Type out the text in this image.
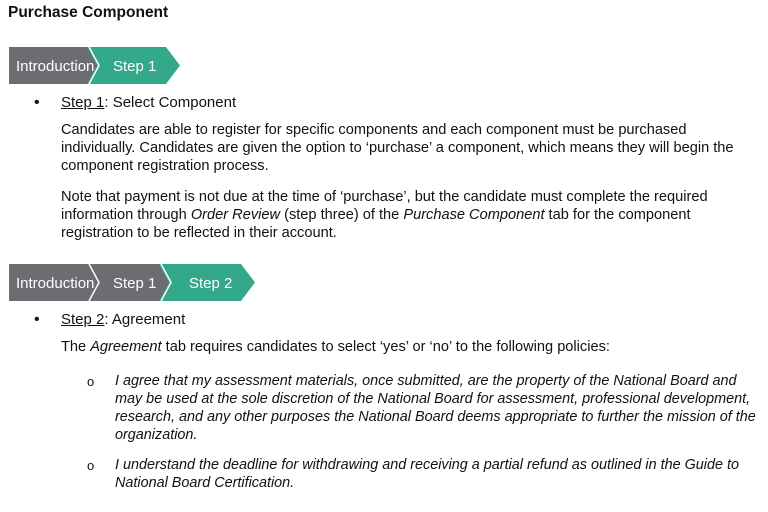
Purchase Component
Introduction Step 1
• Step 1: Select Component

Candidates are able to register for specific components and each component must be purchased individually. Candidates are given the option to ‘purchase’ a component, which means they will begin the component registration process.

Note that payment is not due at the time of ‘purchase’, but the candidate must complete the required information through Order Review (step three) of the Purchase Component tab for the component registration to be reflected in their account.

Introduction Step 1 Step 2
• Step 2: Agreement

The Agreement tab requires candidates to select ‘yes’ or ‘no’ to the following policies:

o I agree that my assessment materials, once submitted, are the property of the National Board and may be used at the sole discretion of the National Board for assessment, professional development, research, and any other purposes the National Board deems appropriate to further the mission of the organization.

o I understand the deadline for withdrawing and receiving a partial refund as outlined in the Guide to National Board Certification.
